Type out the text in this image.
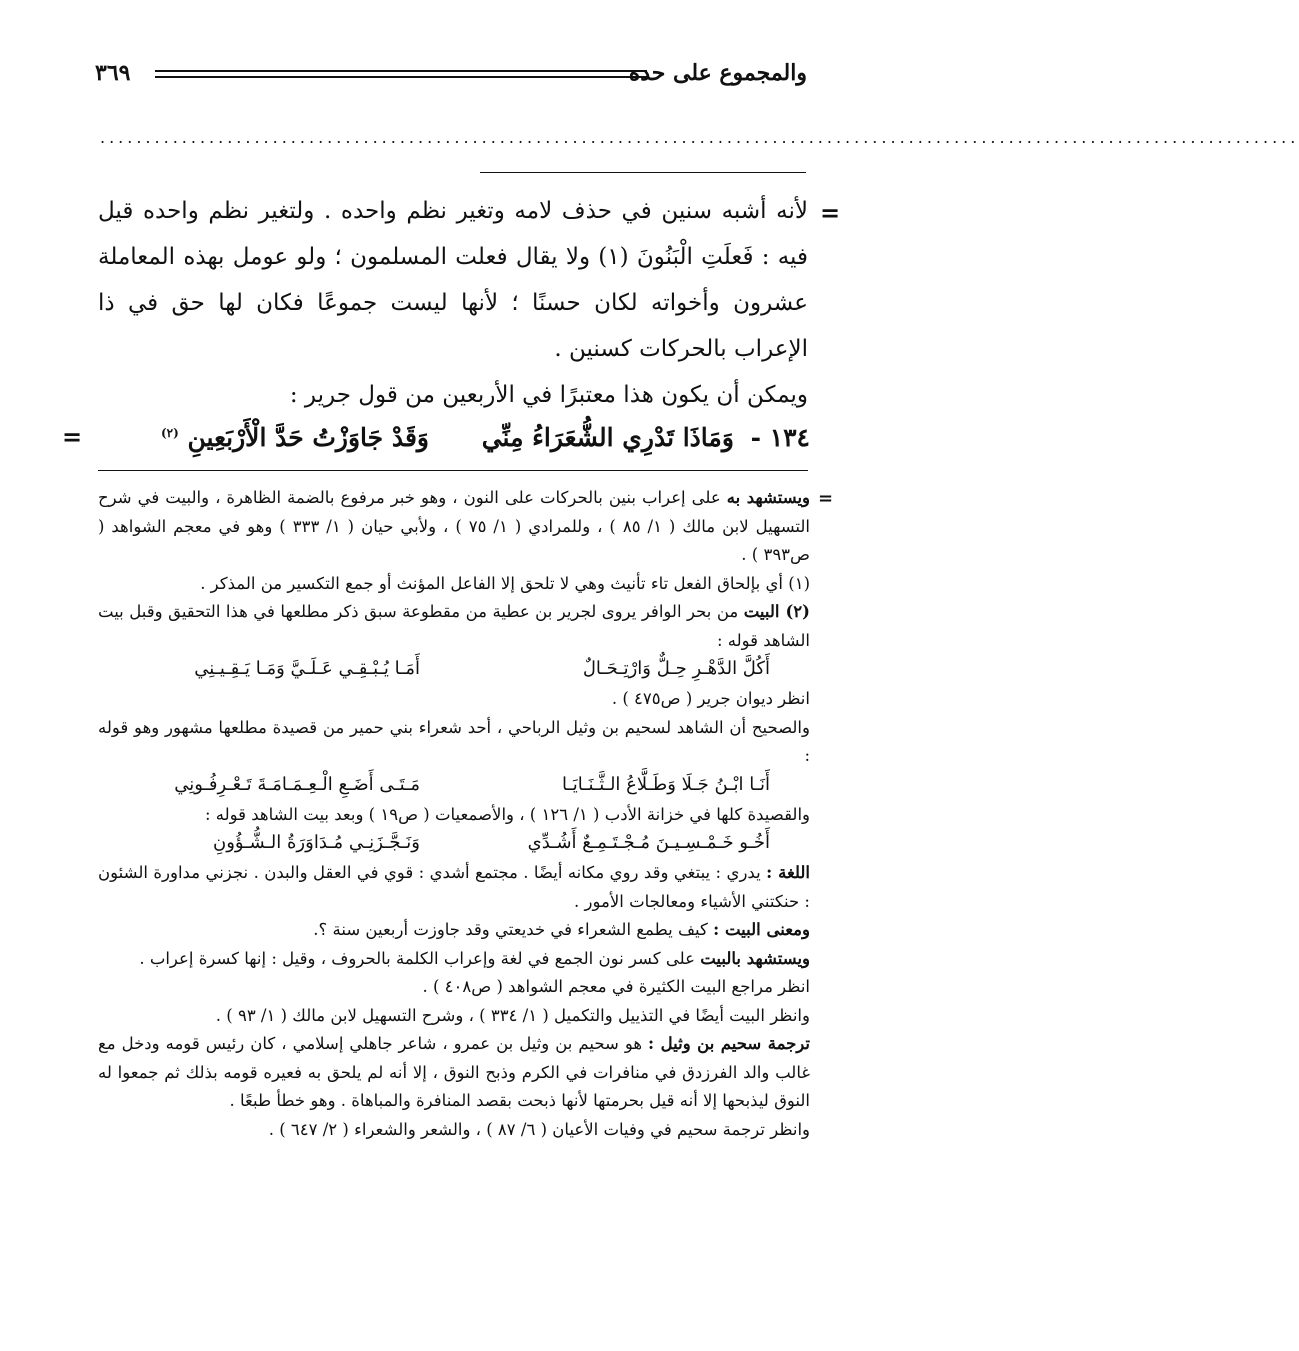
٣٦٩	والمجموع على حده
....................................................................................................................................
=

لأنه أشبه سنين في حذف لامه وتغير نظم واحده . ولتغير نظم واحده قيل فيه : فَعلَتِ الْبَنُونَ (١) ولا يقال فعلت المسلمون ؛ ولو عومل بهذه المعاملة عشرون وأخواته لكان حسنًا ؛ لأنها ليست جموعًا فكان لها حق في ذا الإعراب بالحركات كسنين .

ويمكن أن يكون هذا معتبرًا في الأربعين من قول جرير :

١٣٤ - وَمَاذَا تَدْرِي الشُّعَرَاءُ مِنِّي وَقَدْ جَاوَزْتُ حَدَّ الْأَرْبَعِينِ (٢)
=
=

ويستشهد به على إعراب بنين بالحركات على النون ، وهو خبر مرفوع بالضمة الظاهرة ، والبيت في شرح التسهيل لابن مالك ( ١/ ٨٥ ) ، وللمرادي ( ١/ ٧٥ ) ، ولأبي حيان ( ١/ ٣٣٣ ) وهو في معجم الشواهد ( ص٣٩٣ ) .

(١) أي بإلحاق الفعل تاء تأنيث وهي لا تلحق إلا الفاعل المؤنث أو جمع التكسير من المذكر .

(٢) البيت من بحر الوافر يروى لجرير بن عطية من مقطوعة سبق ذكر مطلعها في هذا التحقيق وقبل بيت الشاهد قوله :

أَكُلَّ الدَّهْـرِ حِـلٌّ وَارْتِـحَـالٌ
أَمَـا يُـبْـقِـي عَـلَـيَّ وَمَـا يَـقِـيـنِي

انظر ديوان جرير ( ص٤٧٥ ) .

والصحيح أن الشاهد لسحيم بن وثيل الرباحي ، أحد شعراء بني حمير من قصيدة مطلعها مشهور وهو قوله :

أَنَـا ابْـنُ جَـلَا وَطَـلَّاعُ الـثَّـنَـايَـا
مَـتَـى أَضَـعِ الْـعِـمَـامَـةَ تَـعْـرِفُـونِي

والقصيدة كلها في خزانة الأدب ( ١/ ١٢٦ ) ، والأصمعيات ( ص١٩ ) وبعد بيت الشاهد قوله :

أَخُـو خَـمْـسِـيـنَ مُـجْـتَـمِـعٌ أَشُـدِّي
وَنَـجَّـزَنِـي مُـدَاوَرَةُ الـشُّـؤُونِ

اللغة : يدري : يبتغي وقد روي مكانه أيضًا . مجتمع أشدي : قوي في العقل والبدن . نجزني مداورة الشئون : حنكتني الأشياء ومعالجات الأمور .

ومعنى البيت : كيف يطمع الشعراء في خديعتي وقد جاوزت أربعين سنة ؟.

ويستشهد بالبيت على كسر نون الجمع في لغة وإعراب الكلمة بالحروف ، وقيل : إنها كسرة إعراب .

انظر مراجع البيت الكثيرة في معجم الشواهد ( ص٤٠٨ ) .

وانظر البيت أيضًا في التذييل والتكميل ( ١/ ٣٣٤ ) ، وشرح التسهيل لابن مالك ( ١/ ٩٣ ) .

ترجمة سحيم بن وثيل : هو سحيم بن وثيل بن عمرو ، شاعر جاهلي إسلامي ، كان رئيس قومه ودخل مع غالب والد الفرزدق في منافرات في الكرم وذبح النوق ، إلا أنه لم يلحق به فعيره قومه بذلك ثم جمعوا له النوق ليذبحها إلا أنه قيل بحرمتها لأنها ذبحت بقصد المنافرة والمباهاة . وهو خطأ طبعًا .

وانظر ترجمة سحيم في وفيات الأعيان ( ٦/ ٨٧ ) ، والشعر والشعراء ( ٢/ ٦٤٧ ) .
